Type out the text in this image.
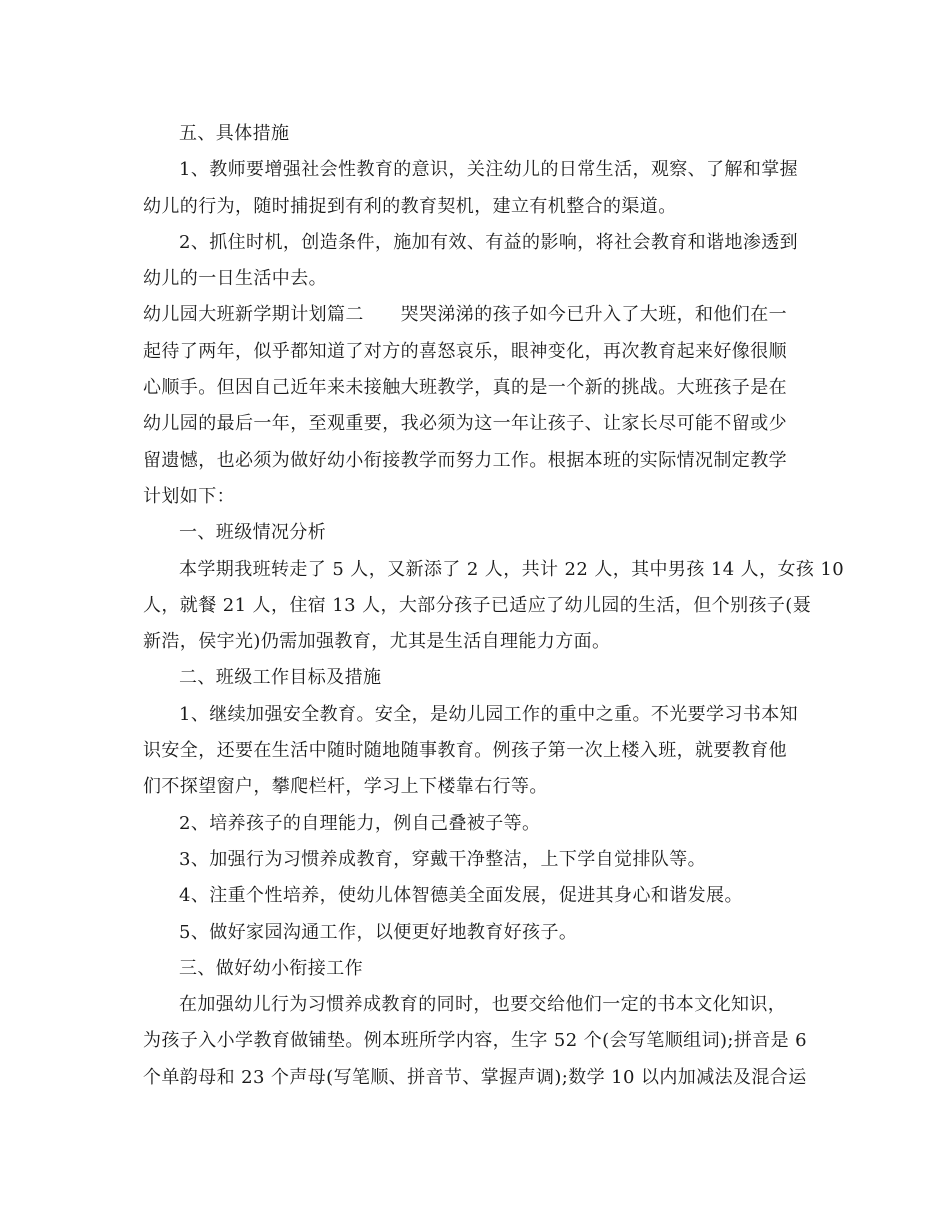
五、具体措施
1、教师要增强社会性教育的意识，关注幼儿的日常生活，观察、了解和掌握
幼儿的行为，随时捕捉到有利的教育契机，建立有机整合的渠道。
2、抓住时机，创造条件，施加有效、有益的影响，将社会教育和谐地渗透到
幼儿的一日生活中去。
幼儿园大班新学期计划篇二　　哭哭涕涕的孩子如今已升入了大班，和他们在一
起待了两年，似乎都知道了对方的喜怒哀乐，眼神变化，再次教育起来好像很顺
心顺手。但因自己近年来未接触大班教学，真的是一个新的挑战。大班孩子是在
幼儿园的最后一年，至观重要，我必须为这一年让孩子、让家长尽可能不留或少
留遗憾，也必须为做好幼小衔接教学而努力工作。根据本班的实际情况制定教学
计划如下：
一、班级情况分析
本学期我班转走了 5 人，又新添了 2 人，共计 22 人，其中男孩 14 人，女孩 10
人，就餐 21 人，住宿 13 人，大部分孩子已适应了幼儿园的生活，但个别孩子(聂
新浩，侯宇光)仍需加强教育，尤其是生活自理能力方面。
二、班级工作目标及措施
1、继续加强安全教育。安全，是幼儿园工作的重中之重。不光要学习书本知
识安全，还要在生活中随时随地随事教育。例孩子第一次上楼入班，就要教育他
们不探望窗户，攀爬栏杆，学习上下楼靠右行等。
2、培养孩子的自理能力，例自己叠被子等。
3、加强行为习惯养成教育，穿戴干净整洁，上下学自觉排队等。
4、注重个性培养，使幼儿体智德美全面发展，促进其身心和谐发展。
5、做好家园沟通工作，以便更好地教育好孩子。
三、做好幼小衔接工作
在加强幼儿行为习惯养成教育的同时，也要交给他们一定的书本文化知识，
为孩子入小学教育做铺垫。例本班所学内容，生字 52 个(会写笔顺组词);拼音是 6
个单韵母和 23 个声母(写笔顺、拼音节、掌握声调);数学 10 以内加减法及混合运
